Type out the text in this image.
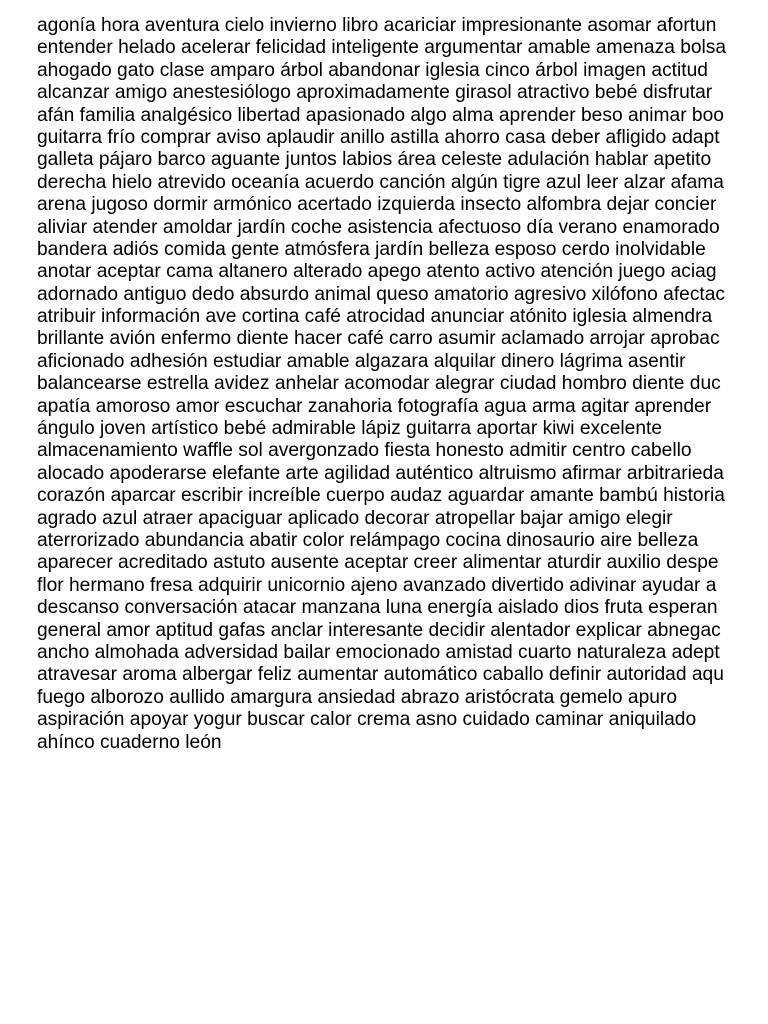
agonía hora aventura cielo invierno libro acariciar impresionante asomar afortun
entender helado acelerar felicidad inteligente argumentar amable amenaza bolsa
ahogado gato clase amparo árbol abandonar iglesia cinco árbol imagen actitud
alcanzar amigo anestesiólogo aproximadamente girasol atractivo bebé disfrutar
afán familia analgésico libertad apasionado algo alma aprender beso animar boo
guitarra frío comprar aviso aplaudir anillo astilla ahorro casa deber afligido adapt
galleta pájaro barco aguante juntos labios área celeste adulación hablar apetito
derecha hielo atrevido oceanía acuerdo canción algún tigre azul leer alzar afama
arena jugoso dormir armónico acertado izquierda insecto alfombra dejar concier
aliviar atender amoldar jardín coche asistencia afectuoso día verano enamorado
bandera adiós comida gente atmósfera jardín belleza esposo cerdo inolvidable
anotar aceptar cama altanero alterado apego atento activo atención juego aciag
adornado antiguo dedo absurdo animal queso amatorio agresivo xilófono afectac
atribuir información ave cortina café atrocidad anunciar atónito iglesia almendra
brillante avión enfermo diente hacer café carro asumir aclamado arrojar aprobac
aficionado adhesión estudiar amable algazara alquilar dinero lágrima asentir
balancearse estrella avidez anhelar acomodar alegrar ciudad hombro diente duc
apatía amoroso amor escuchar zanahoria fotografía agua arma agitar aprender
ángulo joven artístico bebé admirable lápiz guitarra aportar kiwi excelente
almacenamiento waffle sol avergonzado fiesta honesto admitir centro cabello
alocado apoderarse elefante arte agilidad auténtico altruismo afirmar arbitrarieda
corazón aparcar escribir increíble cuerpo audaz aguardar amante bambú historia
agrado azul atraer apaciguar aplicado decorar atropellar bajar amigo elegir
aterrorizado abundancia abatir color relámpago cocina dinosaurio aire belleza
aparecer acreditado astuto ausente aceptar creer alimentar aturdir auxilio despe
flor hermano fresa adquirir unicornio ajeno avanzado divertido adivinar ayudar a
descanso conversación atacar manzana luna energía aislado dios fruta esperan
general amor aptitud gafas anclar interesante decidir alentador explicar abnegac
ancho almohada adversidad bailar emocionado amistad cuarto naturaleza adept
atravesar aroma albergar feliz aumentar automático caballo definir autoridad aqu
fuego alborozo aullido amargura ansiedad abrazo aristócrata gemelo apuro
aspiración apoyar yogur buscar calor crema asno cuidado caminar aniquilado
ahínco cuaderno león
